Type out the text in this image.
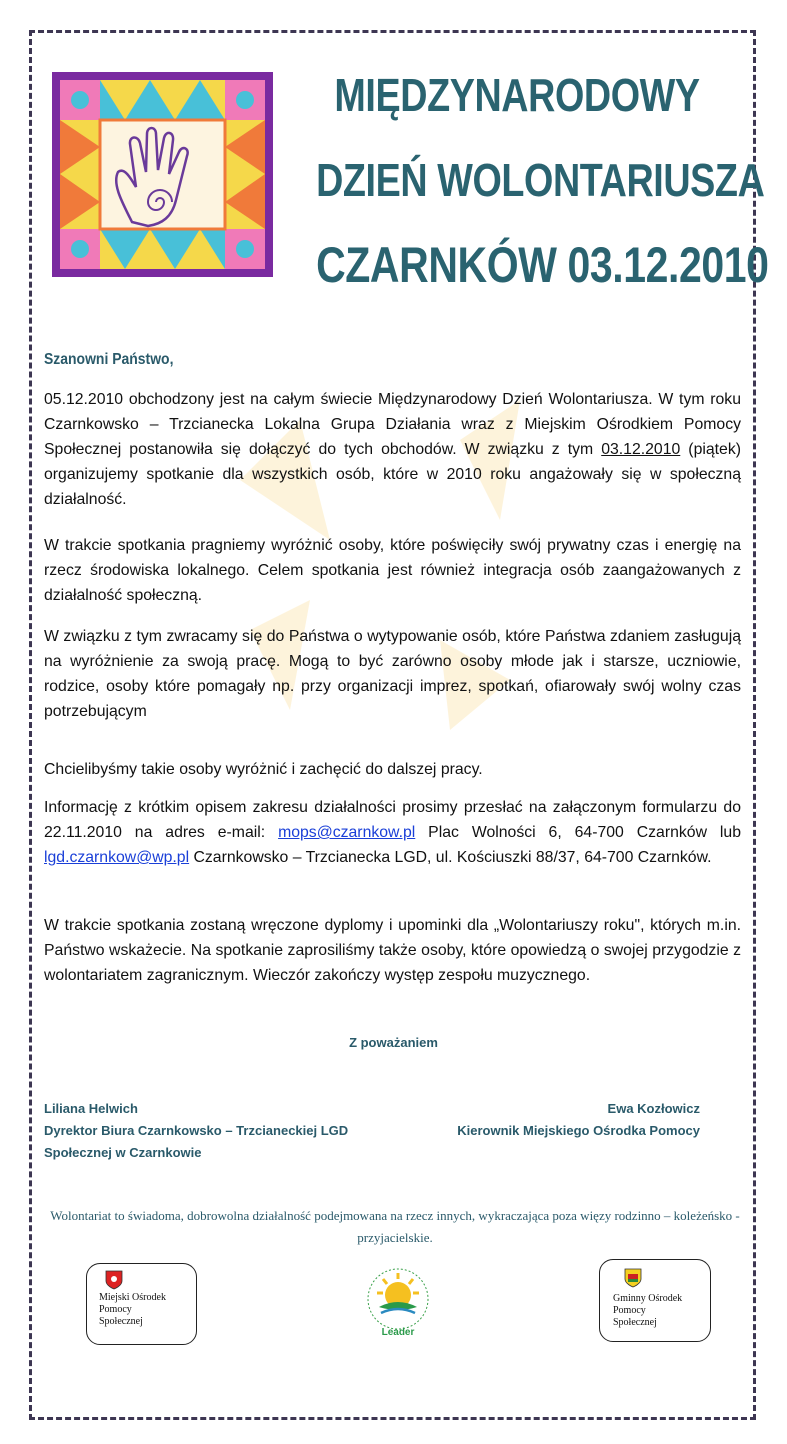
MIĘDZYNARODOWY
DZIEŃ WOLONTARIUSZA
CZARNKÓW 03.12.2010
Szanowni Państwo,
05.12.2010 obchodzony jest na całym świecie Międzynarodowy Dzień Wolontariusza. W tym roku Czarnkowsko – Trzcianecka Lokalna Grupa Działania wraz z Miejskim Ośrodkiem Pomocy Społecznej postanowiła się dołączyć do tych obchodów. W związku z tym 03.12.2010 (piątek) organizujemy spotkanie dla wszystkich osób, które w 2010 roku angażowały się w społeczną działalność.
W trakcie spotkania pragniemy wyróżnić osoby, które poświęciły swój prywatny czas i energię na rzecz środowiska lokalnego. Celem spotkania jest również integracja osób zaangażowanych z działalność społeczną.
W związku z tym zwracamy się do Państwa o wytypowanie osób, które Państwa zdaniem zasługują na wyróżnienie za swoją pracę. Mogą to być zarówno osoby młode jak i starsze, uczniowie, rodzice, osoby które pomagały np. przy organizacji imprez, spotkań, ofiarowały swój wolny czas potrzebującym
Chcielibyśmy takie osoby wyróżnić i zachęcić do dalszej pracy.
Informację z krótkim opisem zakresu działalności prosimy przesłać na załączonym formularzu do 22.11.2010 na adres e-mail: mops@czarnkow.pl Plac Wolności 6, 64-700 Czarnków lub lgd.czarnkow@wp.pl Czarnkowsko – Trzcianecka LGD, ul. Kościuszki 88/37, 64-700 Czarnków.
W trakcie spotkania zostaną wręczone dyplomy i upominki dla „Wolontariuszy roku", których m.in. Państwo wskażecie. Na spotkanie zaprosiliśmy także osoby, które opowiedzą o swojej przygodzie z wolontariatem zagranicznym. Wieczór zakończy występ zespołu muzycznego.
Z poważaniem
Liliana Helwich
Dyrektor Biura Czarnkowsko – Trzcianeckiej LGD
Społecznej w Czarnkowie
Ewa Kozłowicz
Kierownik Miejskiego Ośrodka Pomocy
Wolontariat to świadoma, dobrowolna działalność podejmowana na rzecz innych, wykraczająca poza więzy rodzinno – koleżeńsko - przyjacielskie.
Miejski Ośrodek
Pomocy
Społecznej
Leader
Gminny Ośrodek
Pomocy
Społecznej
